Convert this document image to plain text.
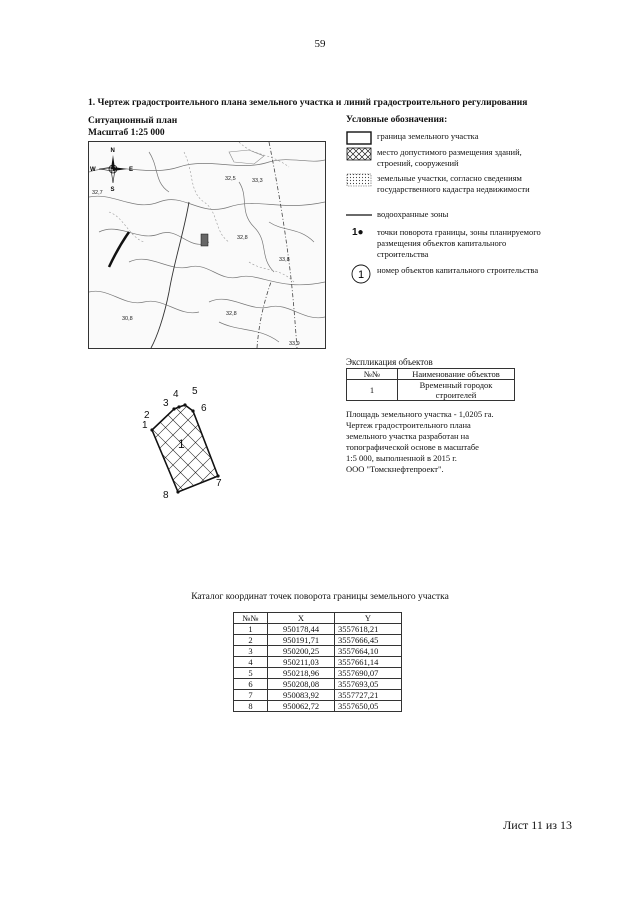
59
1. Чертеж градостроительного плана земельного участка и линий градостроительного регулирования
Ситуационный план
Масштаб 1:25 000
32,5	33,3
32,7
32,8
33,8
30,8
32,8
33,9
N
S
W	E
Условные обозначения:
граница земельного участка
место допустимого размещения зданий, строений, сооружений
земельные участки, согласно сведениям государственного кадастра недвижимости
водоохранные зоны
1● точки поворота границы, зоны планируемого размещения объектов капитального строительства
1 номер объектов капитального строительства
1
2
3
4 5
6
7
8
1
Экспликация объектов
№№	Наименование объектов
1	Временный городок строителей
Площадь земельного участка - 1,0205 га.
Чертеж градостроительного плана
земельного участка разработан на
топографической основе в масштабе
1:5 000, выполненной в 2015 г.
ООО "Томскнефтепроект".
Каталог координат точек поворота границы земельного участка
№№	X	Y
1	950178,44	3557618,21
2	950191,71	3557666,45
3	950200,25	3557664,10
4	950211,03	3557661,14
5	950218,96	3557690,07
6	950208,08	3557693,05
7	950083,92	3557727,21
8	950062,72	3557650,05
Лист 11 из 13
